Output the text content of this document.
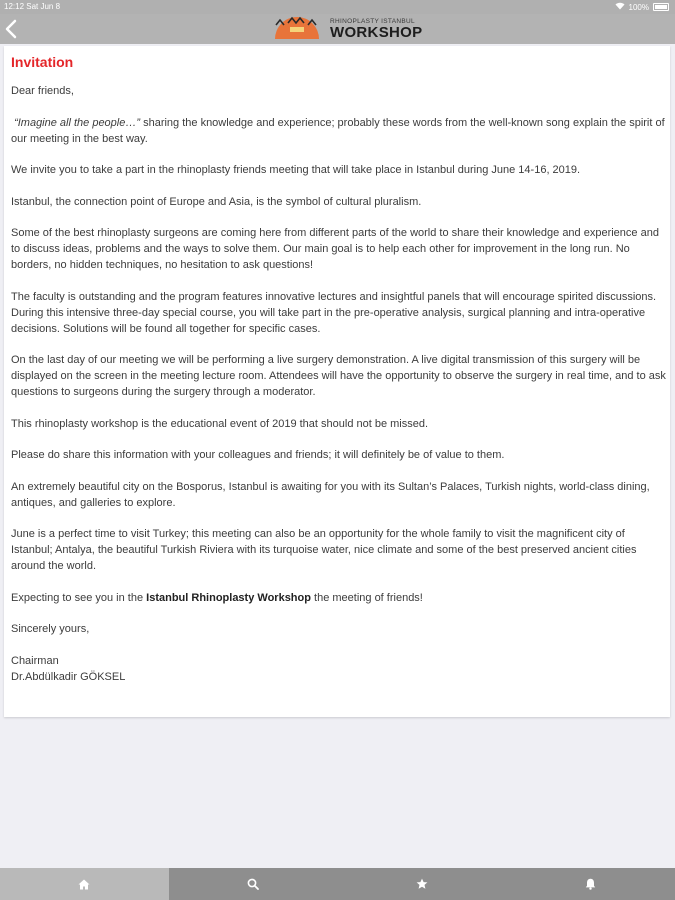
12:12 Sat Jun 8	100%
RHINOPLASTY ISTANBUL
WORKSHOP
Invitation

Dear friends,

“Imagine all the people…” sharing the knowledge and experience; probably these words from the well-known song explain the spirit of our meeting in the best way.

We invite you to take a part in the rhinoplasty friends meeting that will take place in Istanbul during June 14-16, 2019.

Istanbul, the connection point of Europe and Asia, is the symbol of cultural pluralism.

Some of the best rhinoplasty surgeons are coming here from different parts of the world to share their knowledge and experience and to discuss ideas, problems and the ways to solve them. Our main goal is to help each other for improvement in the long run. No borders, no hidden techniques, no hesitation to ask questions!

The faculty is outstanding and the program features innovative lectures and insightful panels that will encourage spirited discussions. During this intensive three-day special course, you will take part in the pre-operative analysis, surgical planning and intra-operative decisions. Solutions will be found all together for specific cases.

On the last day of our meeting we will be performing a live surgery demonstration. A live digital transmission of this surgery will be displayed on the screen in the meeting lecture room. Attendees will have the opportunity to observe the surgery in real time, and to ask questions to surgeons during the surgery through a moderator.

This rhinoplasty workshop is the educational event of 2019 that should not be missed.

Please do share this information with your colleagues and friends; it will definitely be of value to them.

An extremely beautiful city on the Bosporus, Istanbul is awaiting for you with its Sultan’s Palaces, Turkish nights, world-class dining, antiques, and galleries to explore.

June is a perfect time to visit Turkey; this meeting can also be an opportunity for the whole family to visit the magnificent city of Istanbul; Antalya, the beautiful Turkish Riviera with its turquoise water, nice climate and some of the best preserved ancient cities around the world.

Expecting to see you in the Istanbul Rhinoplasty Workshop the meeting of friends!

Sincerely yours,

Chairman

Dr.Abdülkadir GÖKSEL
